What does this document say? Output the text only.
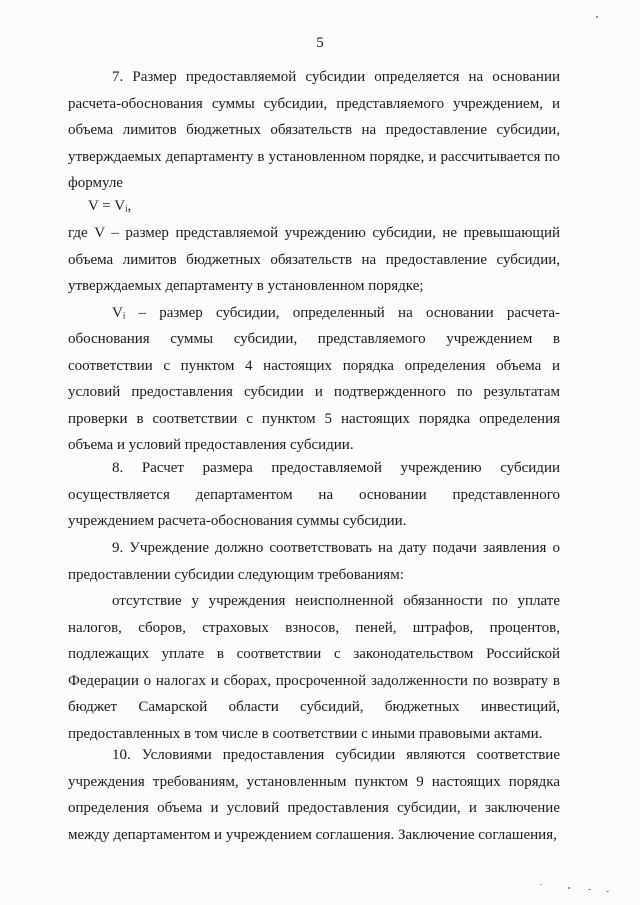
5

7. Размер предоставляемой субсидии определяется на основании расчета-обоснования суммы субсидии, представляемого учреждением, и объема лимитов бюджетных обязательств на предоставление субсидии, утверждаемых департаменту в установленном порядке, и рассчитывается по формуле

V = Vᵢ,

где V – размер представляемой учреждению субсидии, не превышающий объема лимитов бюджетных обязательств на предоставление субсидии, утверждаемых департаменту в установленном порядке;

Vᵢ – размер субсидии, определенный на основании расчета-обоснования суммы субсидии, представляемого учреждением в соответствии с пунктом 4 настоящих порядка определения объема и условий предоставления субсидии и подтвержденного по результатам проверки в соответствии с пунктом 5 настоящих порядка определения объема и условий предоставления субсидии.

8. Расчет размера предоставляемой учреждению субсидии осуществляется департаментом на основании представленного учреждением расчета-обоснования суммы субсидии.

9. Учреждение должно соответствовать на дату подачи заявления о предоставлении субсидии следующим требованиям:

отсутствие у учреждения неисполненной обязанности по уплате налогов, сборов, страховых взносов, пеней, штрафов, процентов, подлежащих уплате в соответствии с законодательством Российской Федерации о налогах и сборах, просроченной задолженности по возврату в бюджет Самарской области субсидий, бюджетных инвестиций, предоставленных в том числе в соответствии с иными правовыми актами.

10. Условиями предоставления субсидии являются соответствие учреждения требованиям, установленным пунктом 9 настоящих порядка определения объема и условий предоставления субсидии, и заключение между департаментом и учреждением соглашения. Заключение соглашения,
